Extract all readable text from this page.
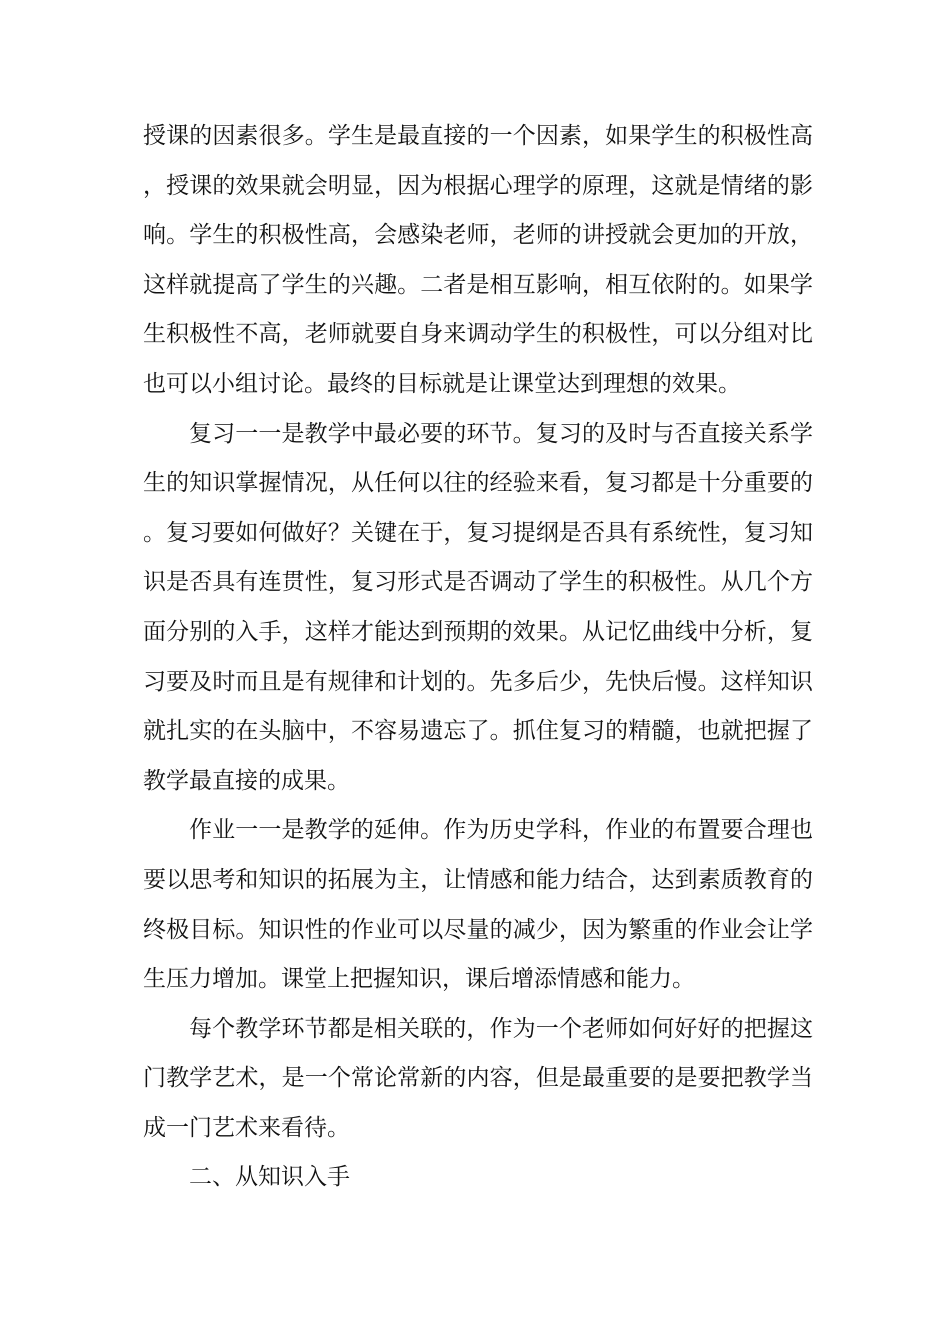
授课的因素很多。学生是最直接的一个因素，如果学生的积极性高，授课的效果就会明显，因为根据心理学的原理，这就是情绪的影响。学生的积极性高，会感染老师，老师的讲授就会更加的开放，这样就提高了学生的兴趣。二者是相互影响，相互依附的。如果学生积极性不高，老师就要自身来调动学生的积极性，可以分组对比也可以小组讨论。最终的目标就是让课堂达到理想的效果。

复习一一是教学中最必要的环节。复习的及时与否直接关系学生的知识掌握情况，从任何以往的经验来看，复习都是十分重要的。复习要如何做好？关键在于，复习提纲是否具有系统性，复习知识是否具有连贯性，复习形式是否调动了学生的积极性。从几个方面分别的入手，这样才能达到预期的效果。从记忆曲线中分析，复习要及时而且是有规律和计划的。先多后少，先快后慢。这样知识就扎实的在头脑中，不容易遗忘了。抓住复习的精髓，也就把握了教学最直接的成果。

作业一一是教学的延伸。作为历史学科，作业的布置要合理也要以思考和知识的拓展为主，让情感和能力结合，达到素质教育的终极目标。知识性的作业可以尽量的减少，因为繁重的作业会让学生压力增加。课堂上把握知识，课后增添情感和能力。

每个教学环节都是相关联的，作为一个老师如何好好的把握这门教学艺术，是一个常论常新的内容，但是最重要的是要把教学当成一门艺术来看待。

二、从知识入手
